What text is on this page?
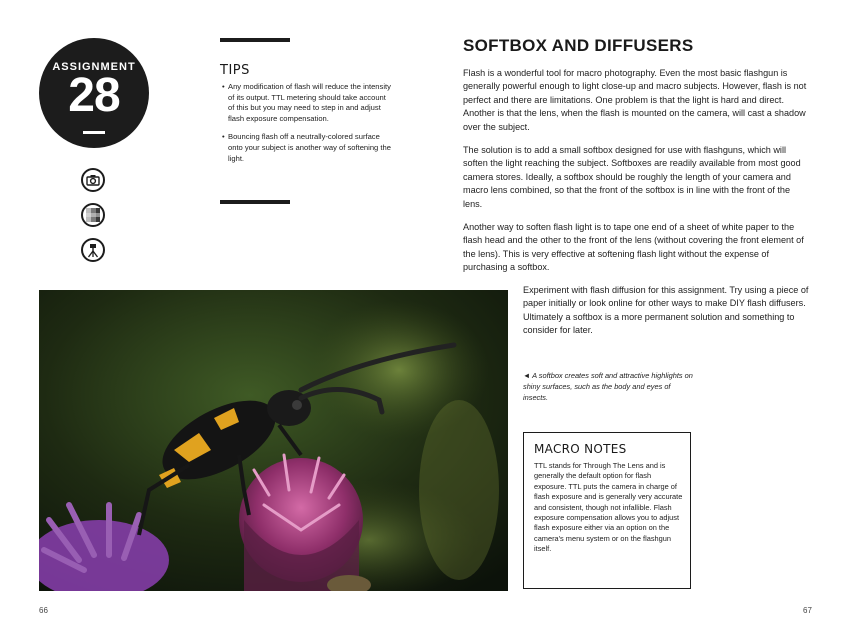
ASSIGNMENT
28	TIPS
• Any modification of flash will reduce the intensity of its output. TTL metering should take account of this but you may need to step in and adjust flash exposure compensation.
• Bouncing flash off a neutrally-colored surface onto your subject is another way of softening the light.
SOFTBOX AND DIFFUSERS

Flash is a wonderful tool for macro photography. Even the most basic flashgun is generally powerful enough to light close-up and macro subjects. However, flash is not perfect and there are limitations. One problem is that the light is hard and direct. Another is that the lens, when the flash is mounted on the camera, will cast a shadow over the subject.

The solution is to add a small softbox designed for use with flashguns, which will soften the light reaching the subject. Softboxes are readily available from most good camera stores. Ideally, a softbox should be roughly the length of your camera and macro lens combined, so that the front of the softbox is in line with the front of the lens.

Another way to soften flash light is to tape one end of a sheet of white paper to the flash head and the other to the front of the lens (without covering the front element of the lens). This is very effective at softening flash light without the expense of purchasing a softbox.

Experiment with flash diffusion for this assignment. Try using a piece of paper initially or look online for other ways to make DIY flash diffusers. Ultimately a softbox is a more permanent solution and something to consider for later.

◄ A softbox creates soft and attractive highlights on shiny surfaces, such as the body and eyes of insects.
MACRO NOTES

TTL stands for Through The Lens and is generally the default option for flash exposure. TTL puts the camera in charge of flash exposure and is generally very accurate and consistent, though not infallible. Flash exposure compensation allows you to adjust flash exposure either via an option on the camera's menu system or on the flashgun itself.

66	67
